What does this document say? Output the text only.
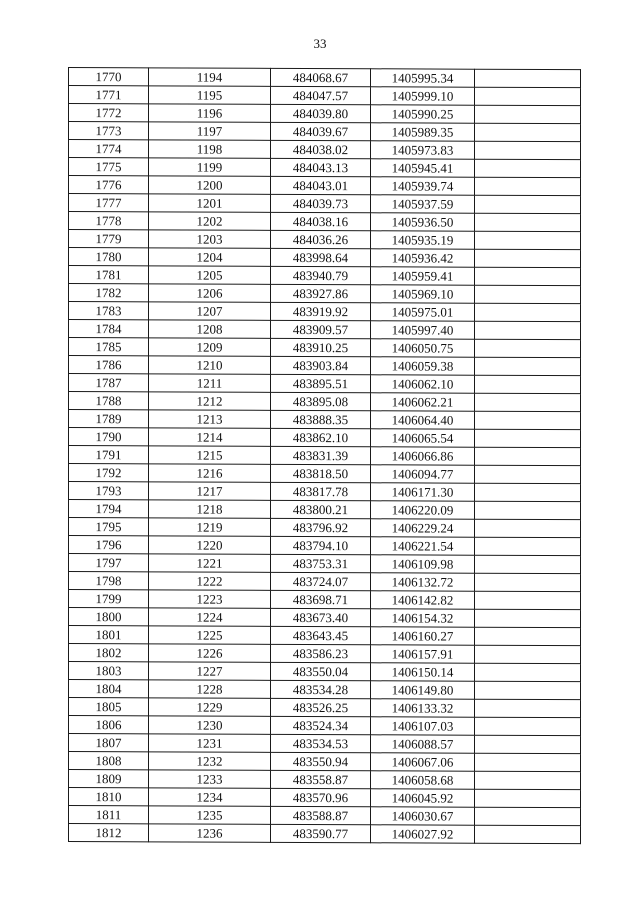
33
1770	1194	484068.67	1405995.34	
1771	1195	484047.57	1405999.10	
1772	1196	484039.80	1405990.25	
1773	1197	484039.67	1405989.35	
1774	1198	484038.02	1405973.83	
1775	1199	484043.13	1405945.41	
1776	1200	484043.01	1405939.74	
1777	1201	484039.73	1405937.59	
1778	1202	484038.16	1405936.50	
1779	1203	484036.26	1405935.19	
1780	1204	483998.64	1405936.42	
1781	1205	483940.79	1405959.41	
1782	1206	483927.86	1405969.10	
1783	1207	483919.92	1405975.01	
1784	1208	483909.57	1405997.40	
1785	1209	483910.25	1406050.75	
1786	1210	483903.84	1406059.38	
1787	1211	483895.51	1406062.10	
1788	1212	483895.08	1406062.21	
1789	1213	483888.35	1406064.40	
1790	1214	483862.10	1406065.54	
1791	1215	483831.39	1406066.86	
1792	1216	483818.50	1406094.77	
1793	1217	483817.78	1406171.30	
1794	1218	483800.21	1406220.09	
1795	1219	483796.92	1406229.24	
1796	1220	483794.10	1406221.54	
1797	1221	483753.31	1406109.98	
1798	1222	483724.07	1406132.72	
1799	1223	483698.71	1406142.82	
1800	1224	483673.40	1406154.32	
1801	1225	483643.45	1406160.27	
1802	1226	483586.23	1406157.91	
1803	1227	483550.04	1406150.14	
1804	1228	483534.28	1406149.80	
1805	1229	483526.25	1406133.32	
1806	1230	483524.34	1406107.03	
1807	1231	483534.53	1406088.57	
1808	1232	483550.94	1406067.06	
1809	1233	483558.87	1406058.68	
1810	1234	483570.96	1406045.92	
1811	1235	483588.87	1406030.67	
1812	1236	483590.77	1406027.92	
